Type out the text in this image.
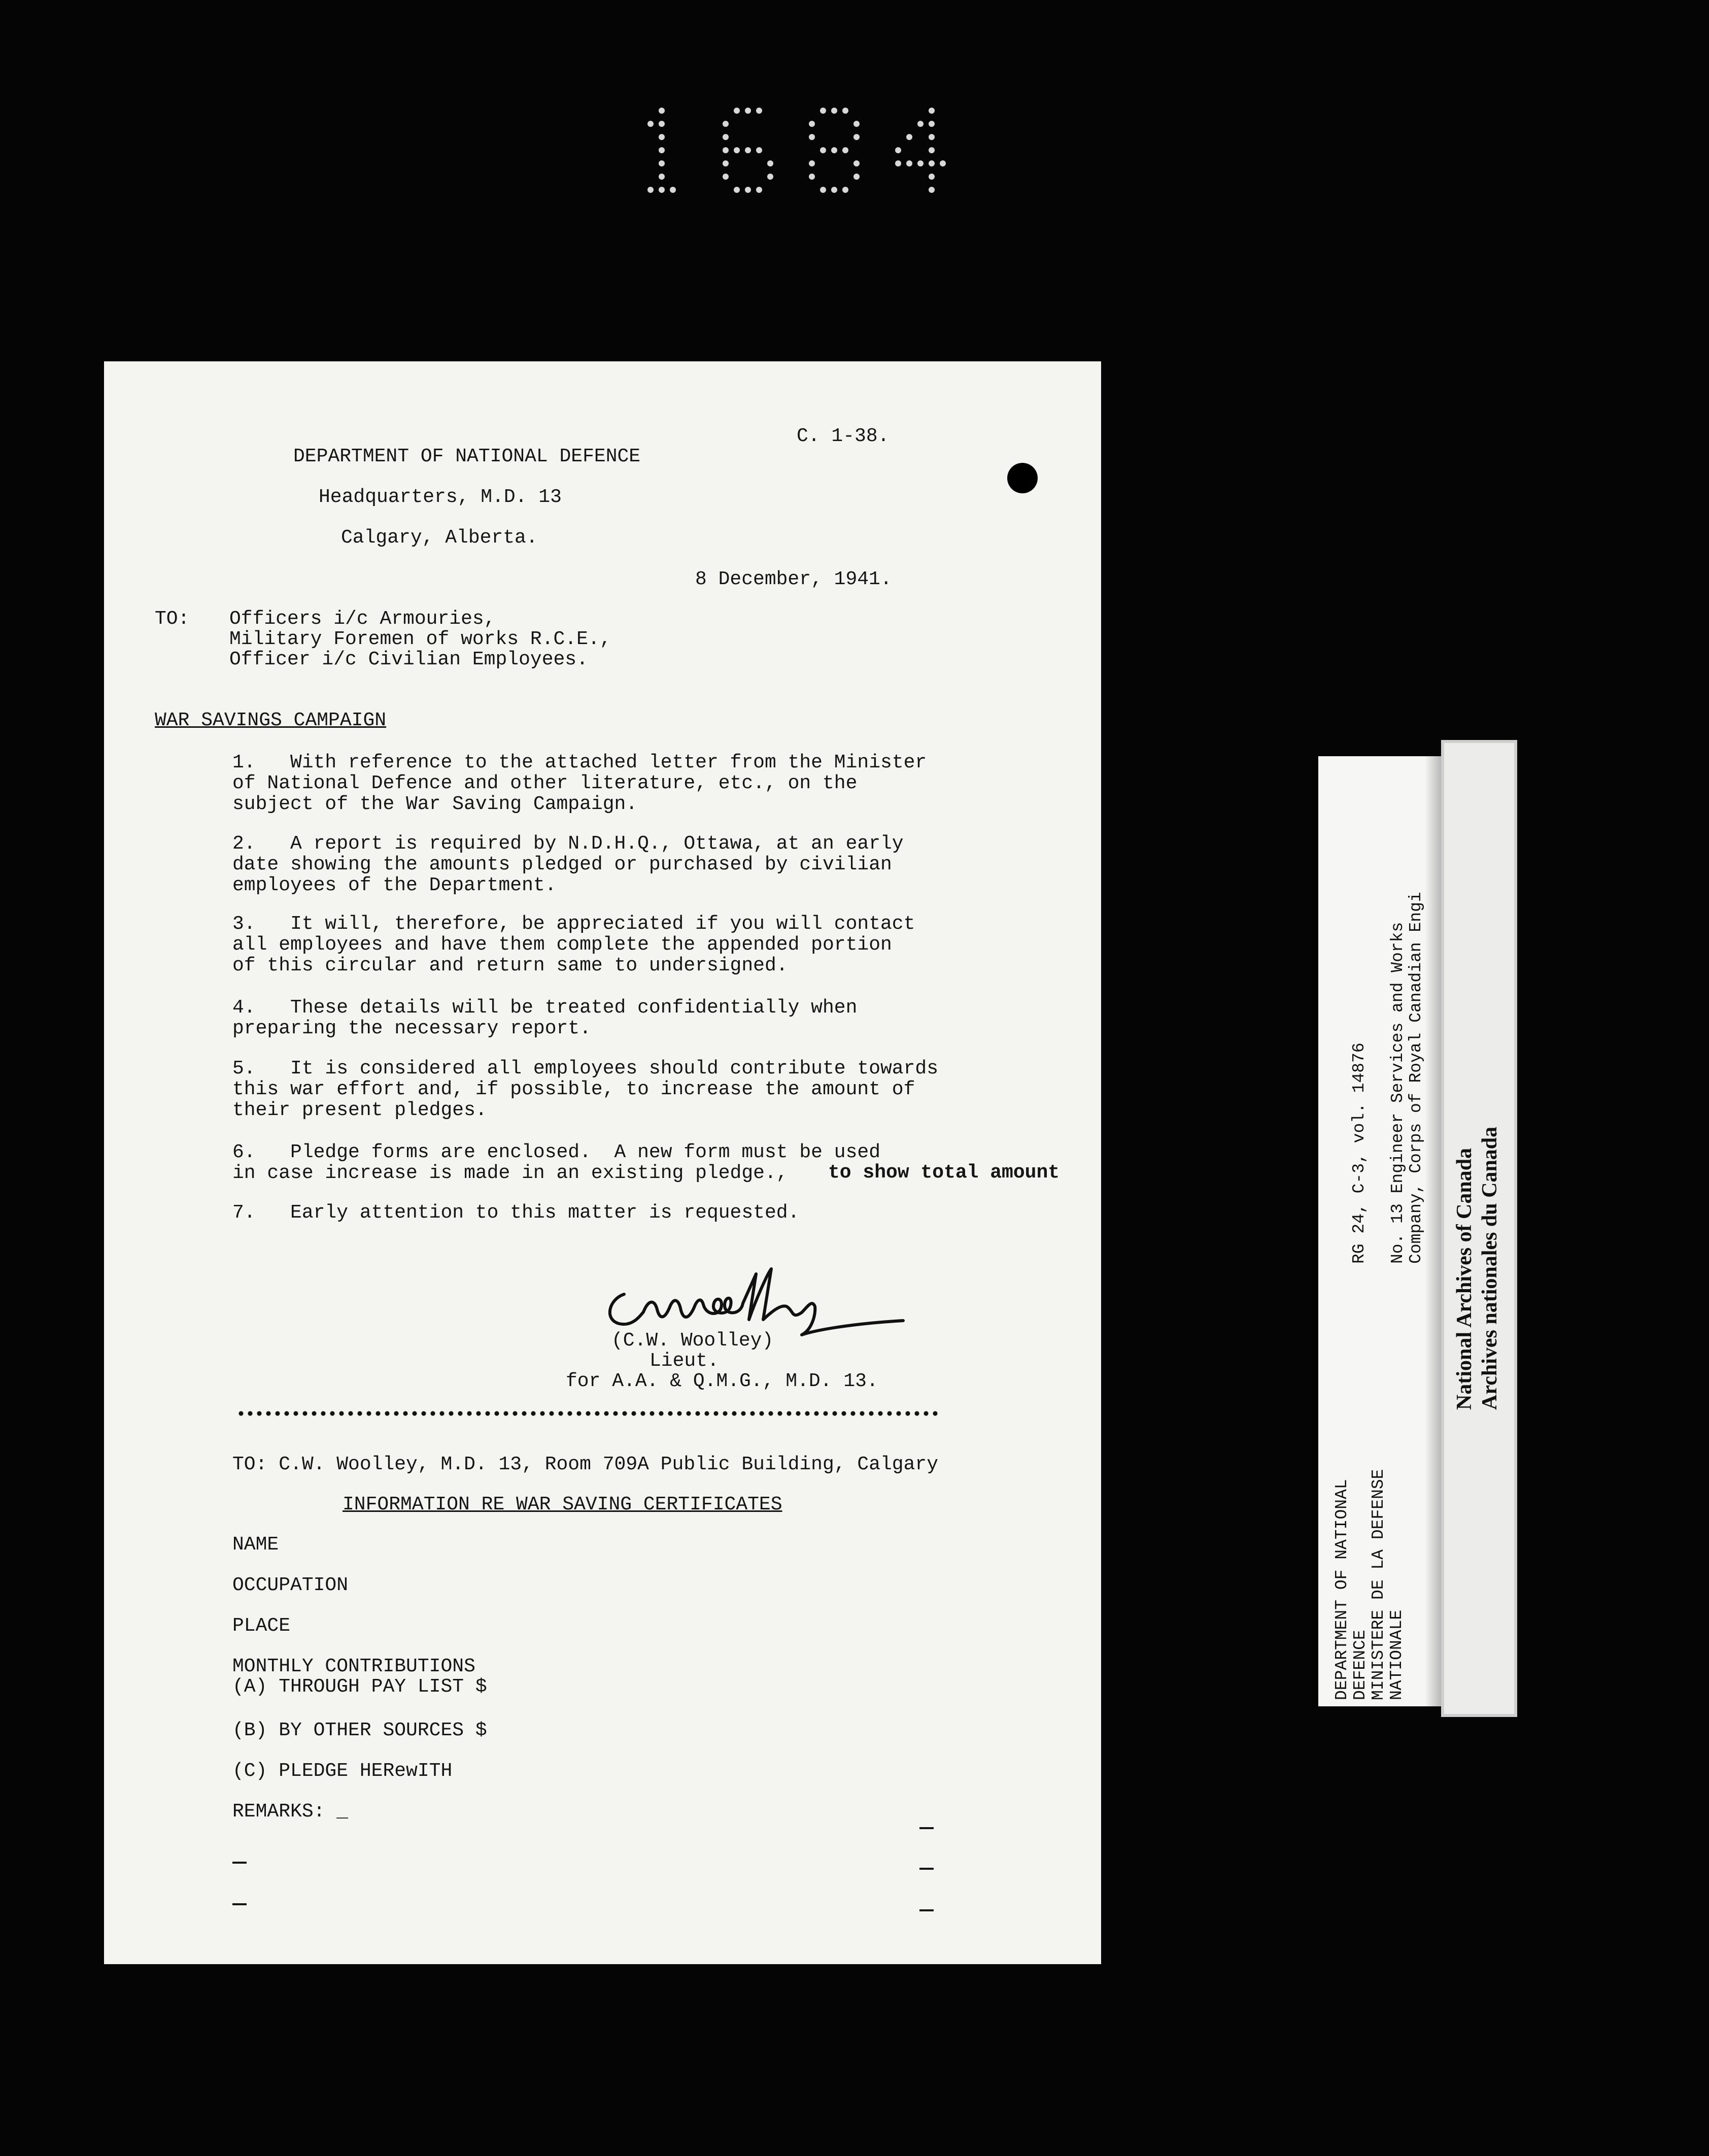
DEPARTMENT OF NATIONAL DEFENCE
C. 1-38.
Headquarters, M.D. 13
Calgary, Alberta.
8 December, 1941.
TO: Officers i/c Armouries,
Military Foremen of works R.C.E.,
Officer i/c Civilian Employees.
WAR SAVINGS CAMPAIGN
1.   With reference to the attached letter from the Minister
of National Defence and other literature, etc., on the
subject of the War Saving Campaign.
2.   A report is required by N.D.H.Q., Ottawa, at an early
date showing the amounts pledged or purchased by civilian
employees of the Department.
3.   It will, therefore, be appreciated if you will contact
all employees and have them complete the appended portion
of this circular and return same to undersigned.
4.   These details will be treated confidentially when
preparing the necessary report.
5.   It is considered all employees should contribute towards
this war effort and, if possible, to increase the amount of
their present pledges.
6.   Pledge forms are enclosed.  A new form must be used
in case increase is made in an existing pledge.,	to show total amount
7.   Early attention to this matter is requested.
(C.W. Woolley)
Lieut.
for A.A. & Q.M.G., M.D. 13.
TO: C.W. Woolley, M.D. 13, Room 709A Public Building, Calgary
INFORMATION RE WAR SAVING CERTIFICATES
NAME
OCCUPATION
PLACE
MONTHLY CONTRIBUTIONS
(A) THROUGH PAY LIST $
(B) BY OTHER SOURCES $
(C) PLEDGE HERewITH
REMARKS: _
DEPARTMENT OF NATIONAL DEFENCE MINISTERE DE LA DEFENSE NATIONALE
RG 24, C-3, vol. 14876 No. 13 Engineer Services and Works Company, Corps of Royal Canadian Engi
National Archives of Canada Archives nationales du Canada
